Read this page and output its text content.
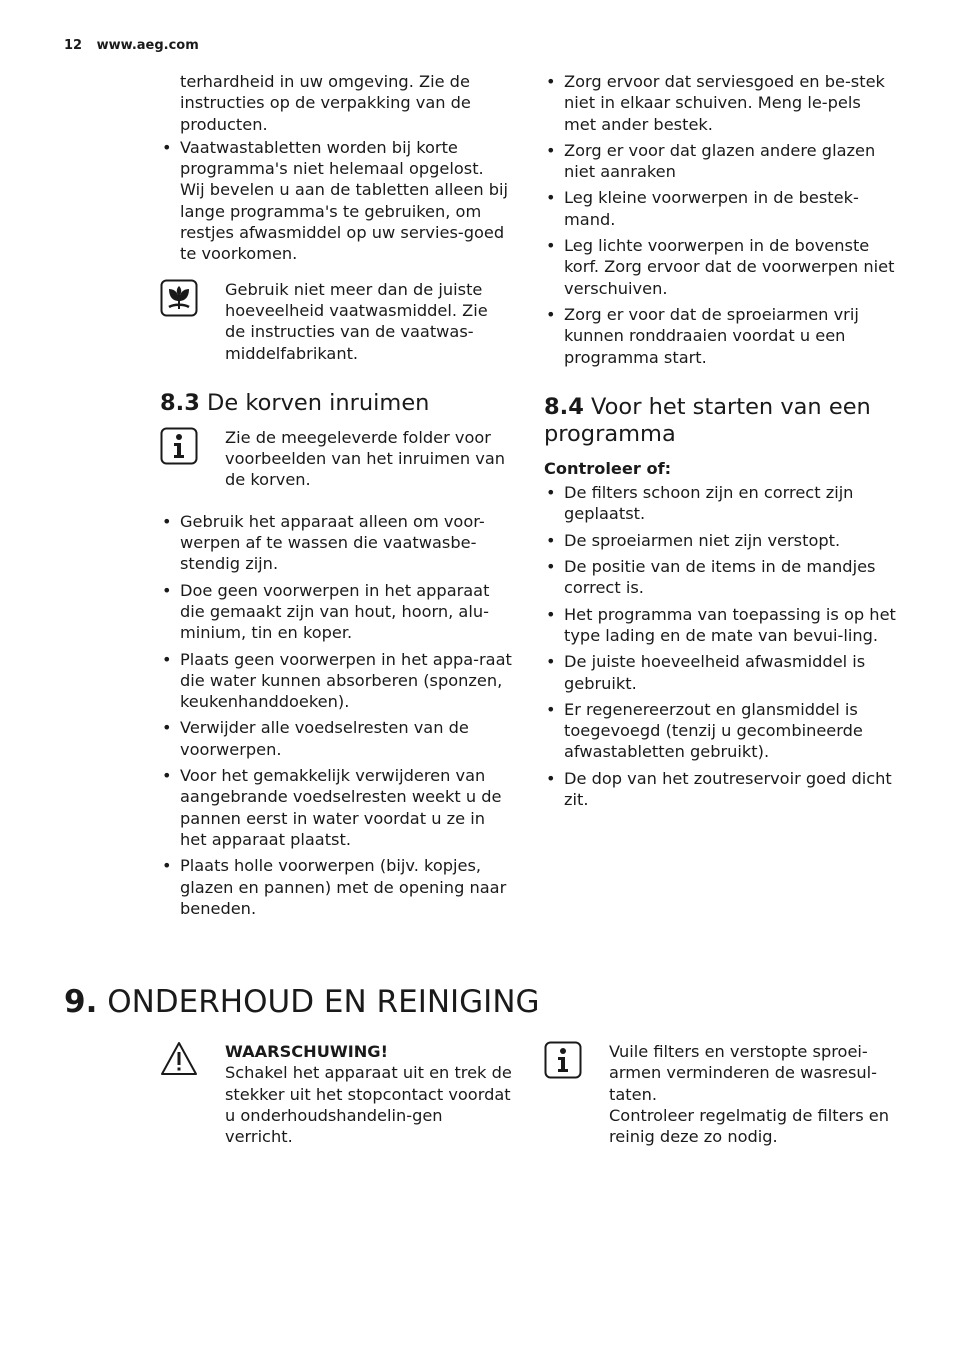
12 www.aeg.com
terhardheid in uw omgeving. Zie de instructies op de verpakking van de producten.
• Vaatwastabletten worden bij korte programma's niet helemaal opgelost. Wij bevelen u aan de tabletten alleen bij lange programma's te gebruiken, om restjes afwasmiddel op uw servies-goed te voorkomen.
Gebruik niet meer dan de juiste hoeveelheid vaatwasmiddel. Zie de instructies van de vaatwas-middelfabrikant.
8.3 De korven inruimen
Zie de meegeleverde folder voor voorbeelden van het inruimen van de korven.
• Gebruik het apparaat alleen om voor-werpen af te wassen die vaatwasbe-stendig zijn.
• Doe geen voorwerpen in het apparaat die gemaakt zijn van hout, hoorn, alu-minium, tin en koper.
• Plaats geen voorwerpen in het appa-raat die water kunnen absorberen (sponzen, keukenhanddoeken).
• Verwijder alle voedselresten van de voorwerpen.
• Voor het gemakkelijk verwijderen van aangebrande voedselresten weekt u de pannen eerst in water voordat u ze in het apparaat plaatst.
• Plaats holle voorwerpen (bijv. kopjes, glazen en pannen) met de opening naar beneden.
• Zorg ervoor dat serviesgoed en be-stek niet in elkaar schuiven. Meng le-pels met ander bestek.
• Zorg er voor dat glazen andere glazen niet aanraken
• Leg kleine voorwerpen in de bestek-mand.
• Leg lichte voorwerpen in de bovenste korf. Zorg ervoor dat de voorwerpen niet verschuiven.
• Zorg er voor dat de sproeiarmen vrij kunnen ronddraaien voordat u een programma start.
8.4 Voor het starten van een programma
Controleer of:
• De filters schoon zijn en correct zijn geplaatst.
• De sproeiarmen niet zijn verstopt.
• De positie van de items in de mandjes correct is.
• Het programma van toepassing is op het type lading en de mate van bevui-ling.
• De juiste hoeveelheid afwasmiddel is gebruikt.
• Er regenereerzout en glansmiddel is toegevoegd (tenzij u gecombineerde afwastabletten gebruikt).
• De dop van het zoutreservoir goed dicht zit.
9. ONDERHOUD EN REINIGING
WAARSCHUWING!
Schakel het apparaat uit en trek de stekker uit het stopcontact voordat u onderhoudshandelin-gen verricht.
Vuile filters en verstopte sproei-armen verminderen de wasresul-taten.
Controleer regelmatig de filters en reinig deze zo nodig.
